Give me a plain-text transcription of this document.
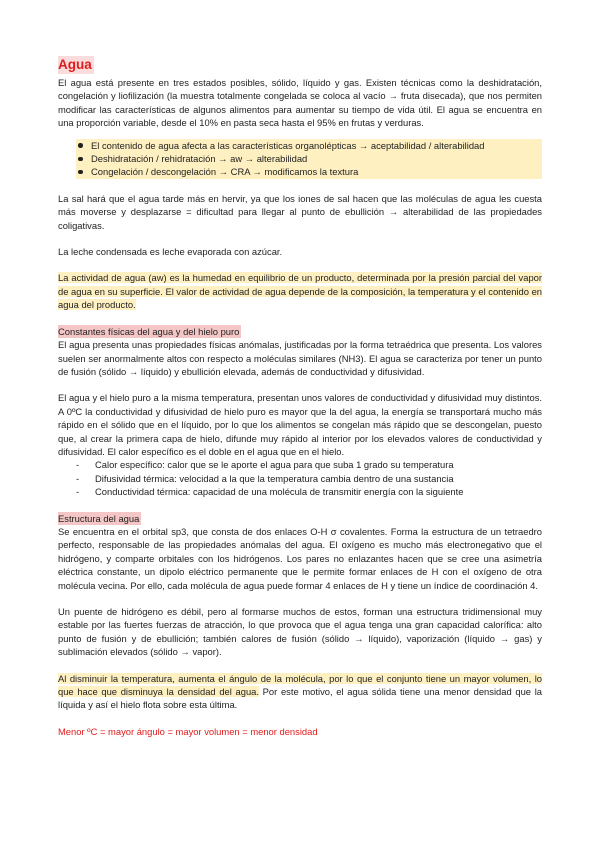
Agua

El agua está presente en tres estados posibles, sólido, líquido y gas. Existen técnicas como la deshidratación, congelación y liofilización (la muestra totalmente congelada se coloca al vacío → fruta disecada), que nos permiten modificar las características de algunos alimentos para aumentar su tiempo de vida útil. El agua se encuentra en una proporción variable, desde el 10% en pasta seca hasta el 95% en frutas y verduras.

El contenido de agua afecta a las características organolépticas → aceptabilidad / alterabilidad
Deshidratación / rehidratación → aw → alterabilidad
Congelación / descongelación → CRA → modificamos la textura

La sal hará que el agua tarde más en hervir, ya que los iones de sal hacen que las moléculas de agua les cuesta más moverse y desplazarse = dificultad para llegar al punto de ebullición → alterabilidad de las propiedades coligativas.

La leche condensada es leche evaporada con azúcar.

La actividad de agua (aw) es la humedad en equilibrio de un producto, determinada por la presión parcial del vapor de agua en su superficie. El valor de actividad de agua depende de la composición, la temperatura y el contenido en agua del producto.

Constantes físicas del agua y del hielo puro

El agua presenta unas propiedades físicas anómalas, justificadas por la forma tetraédrica que presenta. Los valores suelen ser anormalmente altos con respecto a moléculas similares (NH3). El agua se caracteriza por tener un punto de fusión (sólido → líquido) y ebullición elevada, además de conductividad y difusividad.

El agua y el hielo puro a la misma temperatura, presentan unos valores de conductividad y difusividad muy distintos. A 0ºC la conductividad y difusividad de hielo puro es mayor que la del agua, la energía se transportará mucho más rápido en el sólido que en el líquido, por lo que los alimentos se congelan más rápido que se descongelan, puesto que, al crear la primera capa de hielo, difunde muy rápido al interior por los elevados valores de conductividad y difusividad. El calor específico es el doble en el agua que en el hielo.

- Calor específico: calor que se le aporte el agua para que suba 1 grado su temperatura
- Difusividad térmica: velocidad a la que la temperatura cambia dentro de una sustancia
- Conductividad térmica: capacidad de una molécula de transmitir energía con la siguiente

Estructura del agua

Se encuentra en el orbital sp3, que consta de dos enlaces O-H σ covalentes. Forma la estructura de un tetraedro perfecto, responsable de las propiedades anómalas del agua. El oxígeno es mucho más electronegativo que el hidrógeno, y comparte orbitales con los hidrógenos. Los pares no enlazantes hacen que se cree una asimetría eléctrica constante, un dipolo eléctrico permanente que le permite formar enlaces de H con el oxígeno de otra molécula vecina. Por ello, cada molécula de agua puede formar 4 enlaces de H y tiene un índice de coordinación 4.

Un puente de hidrógeno es débil, pero al formarse muchos de estos, forman una estructura tridimensional muy estable por las fuertes fuerzas de atracción, lo que provoca que el agua tenga una gran capacidad calorífica: alto punto de fusión y de ebullición; también calores de fusión (sólido → líquido), vaporización (líquido → gas) y sublimación elevados (sólido → vapor).

Al disminuir la temperatura, aumenta el ángulo de la molécula, por lo que el conjunto tiene un mayor volumen, lo que hace que disminuya la densidad del agua. Por este motivo, el agua sólida tiene una menor densidad que la líquida y así el hielo flota sobre esta última.

Menor ºC = mayor ángulo = mayor volumen = menor densidad
